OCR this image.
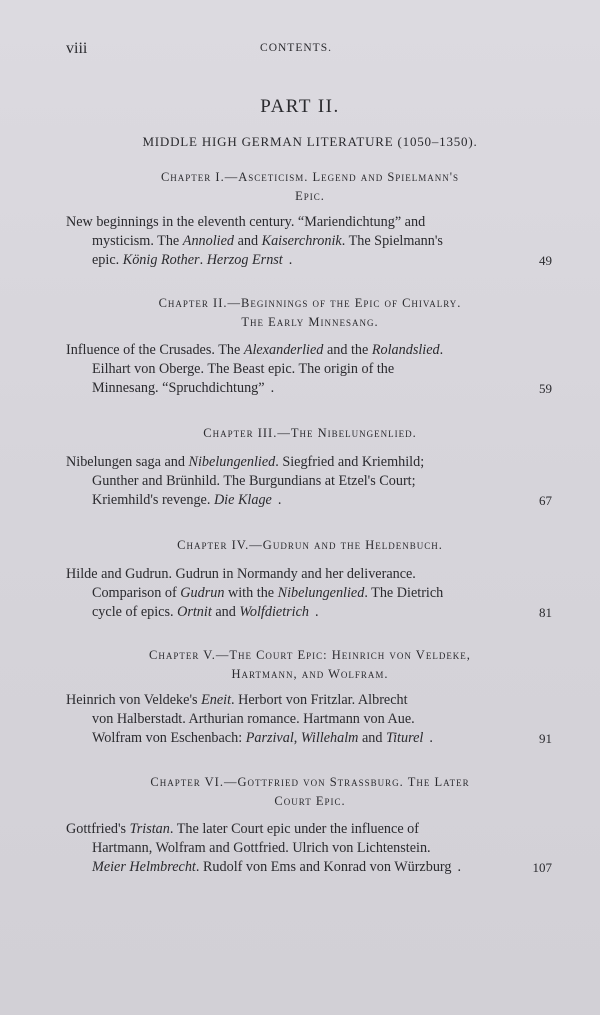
viii	CONTENTS.
PART II.
MIDDLE HIGH GERMAN LITERATURE (1050–1350).
Chapter I.—Asceticism. Legend and Spielmann's
Epic.
New beginnings in the eleventh century. “Mariendichtung” and
mysticism. The Annolied and Kaiserchronik. The Spielmann's
epic. König Rother. Herzog Ernst .	49
Chapter II.—Beginnings of the Epic of Chivalry.
The Early Minnesang.
Influence of the Crusades. The Alexanderlied and the Rolandslied.
Eilhart von Oberge. The Beast epic. The origin of the
Minnesang. “Spruchdichtung” .	59
Chapter III.—The Nibelungenlied.
Nibelungen saga and Nibelungenlied. Siegfried and Kriemhild;
Gunther and Brünhild. The Burgundians at Etzel's Court;
Kriemhild's revenge. Die Klage .	67
Chapter IV.—Gudrun and the Heldenbuch.
Hilde and Gudrun. Gudrun in Normandy and her deliverance.
Comparison of Gudrun with the Nibelungenlied. The Dietrich
cycle of epics. Ortnit and Wolfdietrich .	81
Chapter V.—The Court Epic: Heinrich von Veldeke,
Hartmann, and Wolfram.
Heinrich von Veldeke's Eneit. Herbort von Fritzlar. Albrecht
von Halberstadt. Arthurian romance. Hartmann von Aue.
Wolfram von Eschenbach: Parzival, Willehalm and Titurel .	91
Chapter VI.—Gottfried von Strassburg. The Later
Court Epic.
Gottfried's Tristan. The later Court epic under the influence of
Hartmann, Wolfram and Gottfried. Ulrich von Lichtenstein.
Meier Helmbrecht. Rudolf von Ems and Konrad von Würzburg .	107
